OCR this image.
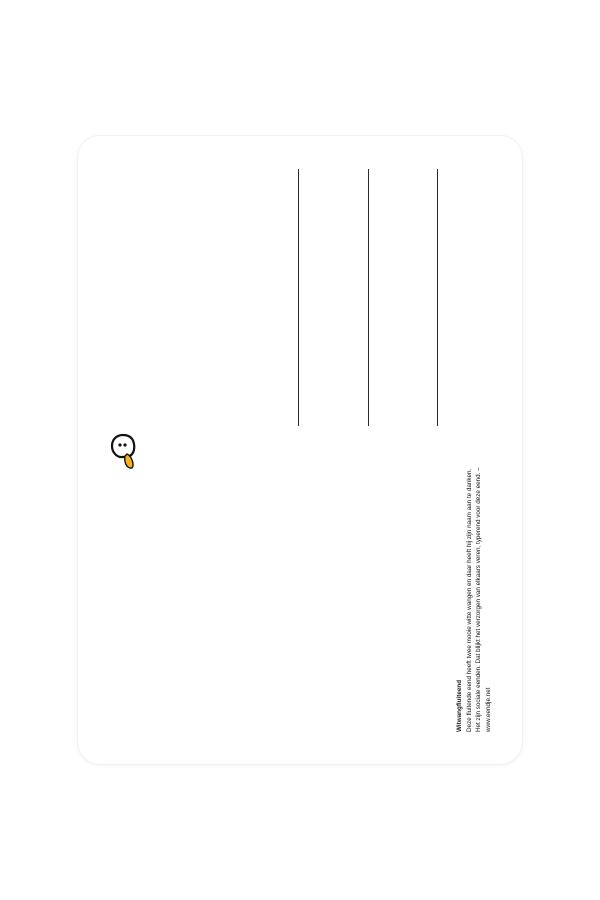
Witwangfluiteend Deze fluitende eend heeft twee mooie witte wangen en daar heeft hij zijn naam aan te danken. Het zijn sociale eenden. Dat blijkt het verzorgen van elkaars veren, typerend voor deze eend. – www.eendje.net
